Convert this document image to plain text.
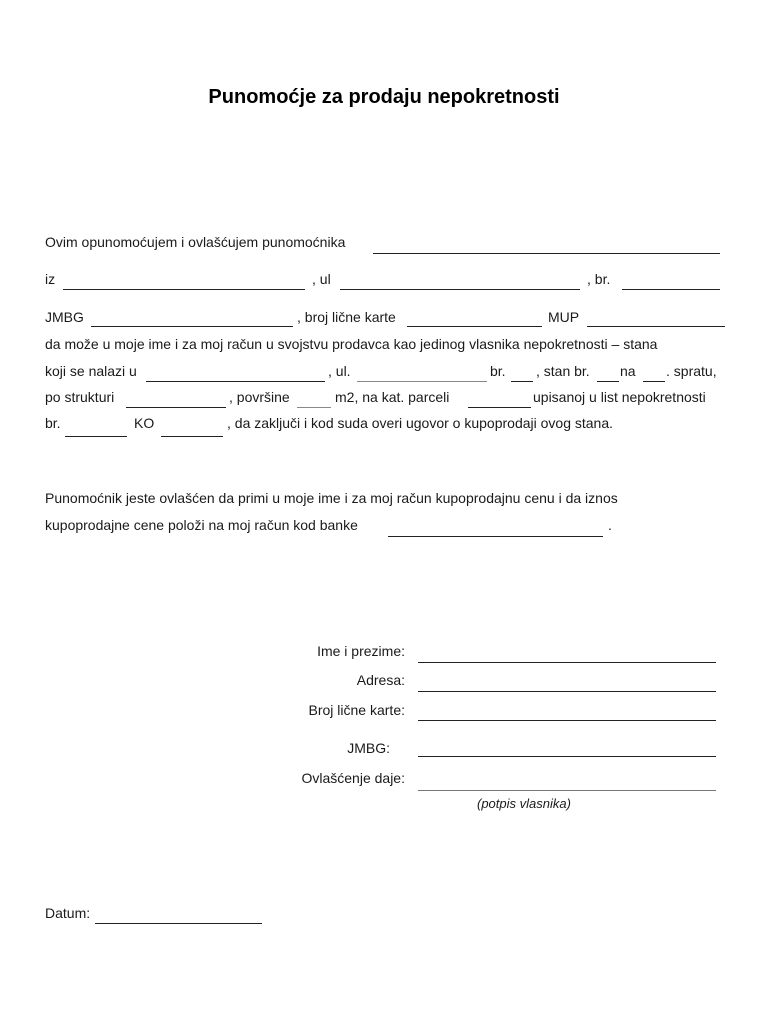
Punomoćje za prodaju nepokretnosti
Ovim opunomoćujem i ovlašćujem punomoćnika
iz	, ul	, br.
JMBG	, broj lične karte	MUP
da može u moje ime i za moj račun u svojstvu prodavca kao jedinog vlasnika nepokretnosti – stana
koji se nalazi u	, ul.	br. , stan br. na . spratu,
po strukturi	, površine	m2, na kat. parceli	upisanoj u list nepokretnosti
br.	KO	, da zaključi i kod suda overi ugovor o kupoprodaji ovog stana.
Punomoćnik jeste ovlašćen da primi u moje ime i za moj račun kupoprodajnu cenu i da iznos
kupoprodajne cene položi na moj račun kod banke	.
Ime i prezime:
Adresa:
Broj lične karte:
JMBG:
Ovlašćenje daje:
(potpis vlasnika)
Datum:
